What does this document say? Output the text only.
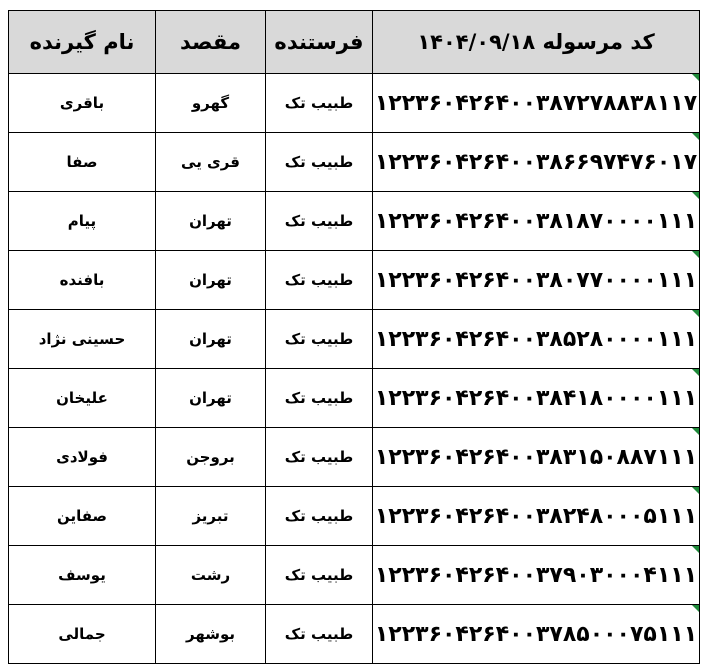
نام گیرنده	مقصد	فرستنده	کد مرسوله ۱۴۰۴/۰۹/۱۸
باقری	گهرو	طبیب تک	۱۲۲۳۶۰۴۲۶۴۰۰۳۸۷۲۷۸۸۳۸۱۱۷

صفا	قری یی	طبیب تک	۱۲۲۳۶۰۴۲۶۴۰۰۳۸۶۶۹۷۴۷۶۰۱۷

پیام	تهران	طبیب تک	۱۲۲۳۶۰۴۲۶۴۰۰۳۸۱۸۷۰۰۰۰۱۱۱

بافنده	تهران	طبیب تک	۱۲۲۳۶۰۴۲۶۴۰۰۳۸۰۷۷۰۰۰۰۱۱۱

حسینی نژاد	تهران	طبیب تک	۱۲۲۳۶۰۴۲۶۴۰۰۳۸۵۲۸۰۰۰۰۱۱۱

علیخان	تهران	طبیب تک	۱۲۲۳۶۰۴۲۶۴۰۰۳۸۴۱۸۰۰۰۰۱۱۱

فولادی	بروجن	طبیب تک	۱۲۲۳۶۰۴۲۶۴۰۰۳۸۳۱۵۰۸۸۷۱۱۱

صفاین	تبریز	طبیب تک	۱۲۲۳۶۰۴۲۶۴۰۰۳۸۲۴۸۰۰۰۵۱۱۱

یوسف	رشت	طبیب تک	۱۲۲۳۶۰۴۲۶۴۰۰۳۷۹۰۳۰۰۰۴۱۱۱

جمالی	بوشهر	طبیب تک	۱۲۲۳۶۰۴۲۶۴۰۰۳۷۸۵۰۰۰۷۵۱۱۱
